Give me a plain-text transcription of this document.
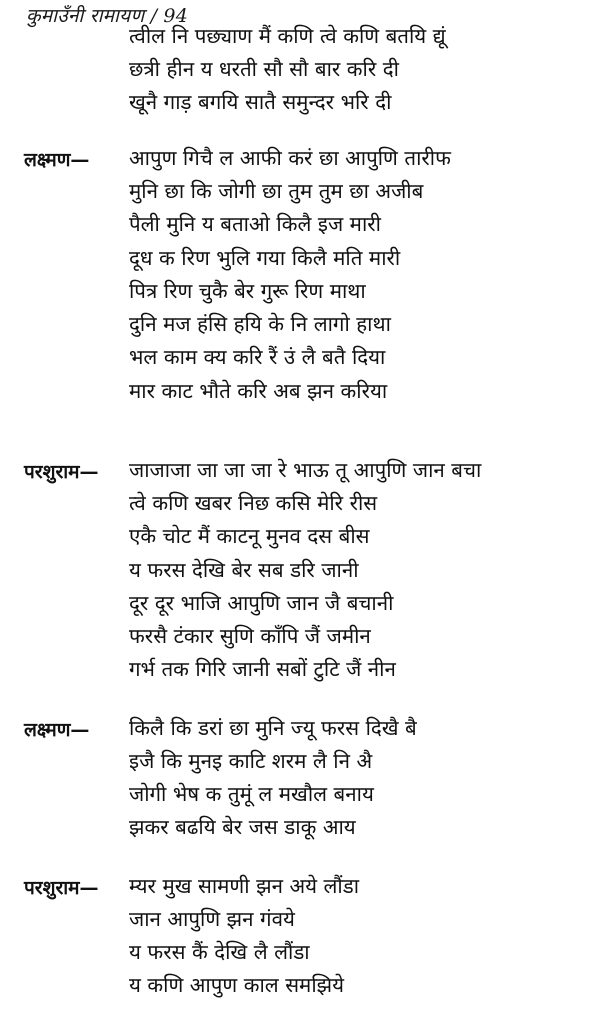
कुमाउँनी रामायण / 94
त्वील नि पछ्याण मैं कणि त्वे कणि बतयि द्यूं
छत्री हीन य धरती सौ सौ बार करि दी
खूनै गाड़ बगयि सातै समुन्दर भरि दी
लक्ष्मण— आपुण गिचै ल आफी करं छा आपुणि तारीफ
मुनि छा कि जोगी छा तुम तुम छा अजीब
पैली मुनि य बताओ किलै इज मारी
दूध क रिण भुलि गया किलै मति मारी
पित्र रिण चुकै बेर गुरू रिण माथा
दुनि मज हंसि हयि के नि लागो हाथा
भल काम क्य करि रैं उं लै बतै दिया
मार काट भौते करि अब झन करिया
परशुराम— जाजाजा जा जा जा रे भाऊ तू आपुणि जान बचा
त्वे कणि खबर निछ कसि मेरि रीस
एकै चोट मैं काटनू मुनव दस बीस
य फरस देखि बेर सब डरि जानी
दूर दूर भाजि आपुणि जान जै बचानी
फरसै टंकार सुणि काँपि जैं जमीन
गर्भ तक गिरि जानी सबों टुटि जैं नीन
लक्ष्मण— किलै कि डरां छा मुनि ज्यू फरस दिखै बै
इजै कि मुनइ काटि शरम लै नि अै
जोगी भेष क तुमूं ल मखौल बनाय
झकर बढयि बेर जस डाकू आय
परशुराम— म्यर मुख सामणी झन अये लौंडा
जान आपुणि झन गंवये
य फरस कैं देखि लै लौंडा
य कणि आपुण काल समझिये
